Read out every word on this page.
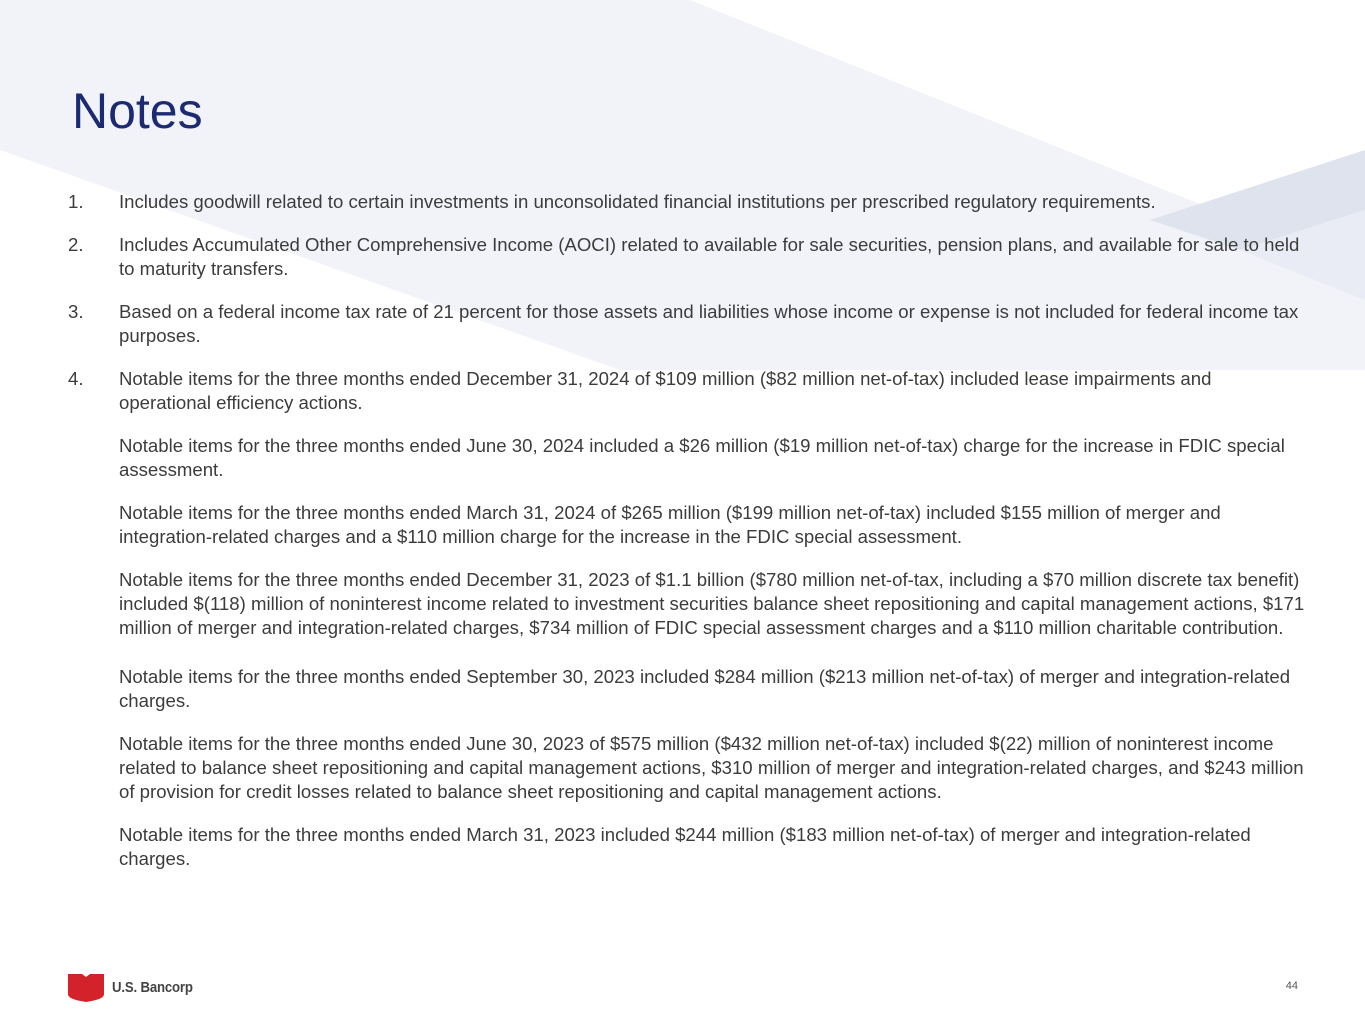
Notes
1.	Includes goodwill related to certain investments in unconsolidated financial institutions per prescribed regulatory requirements.
2.	Includes Accumulated Other Comprehensive Income (AOCI) related to available for sale securities, pension plans, and available for sale to held to maturity transfers.
3.	Based on a federal income tax rate of 21 percent for those assets and liabilities whose income or expense is not included for federal income tax purposes.
4.	Notable items for the three months ended December 31, 2024 of $109 million ($82 million net-of-tax) included lease impairments and operational efficiency actions.
Notable items for the three months ended June 30, 2024 included a $26 million ($19 million net-of-tax) charge for the increase in FDIC special assessment.
Notable items for the three months ended March 31, 2024 of $265 million ($199 million net-of-tax) included $155 million of merger and integration-related charges and a $110 million charge for the increase in the FDIC special assessment.
Notable items for the three months ended December 31, 2023 of $1.1 billion ($780 million net-of-tax, including a $70 million discrete tax benefit) included $(118) million of noninterest income related to investment securities balance sheet repositioning and capital management actions, $171 million of merger and integration-related charges, $734 million of FDIC special assessment charges and a $110 million charitable contribution.
Notable items for the three months ended September 30, 2023 included $284 million ($213 million net-of-tax) of merger and integration-related charges.
Notable items for the three months ended June 30, 2023 of $575 million ($432 million net-of-tax) included $(22) million of noninterest income related to balance sheet repositioning and capital management actions, $310 million of merger and integration-related charges, and $243 million of provision for credit losses related to balance sheet repositioning and capital management actions.
Notable items for the three months ended March 31, 2023 included $244 million ($183 million net-of-tax) of merger and integration-related charges.
U.S. Bancorp	44
